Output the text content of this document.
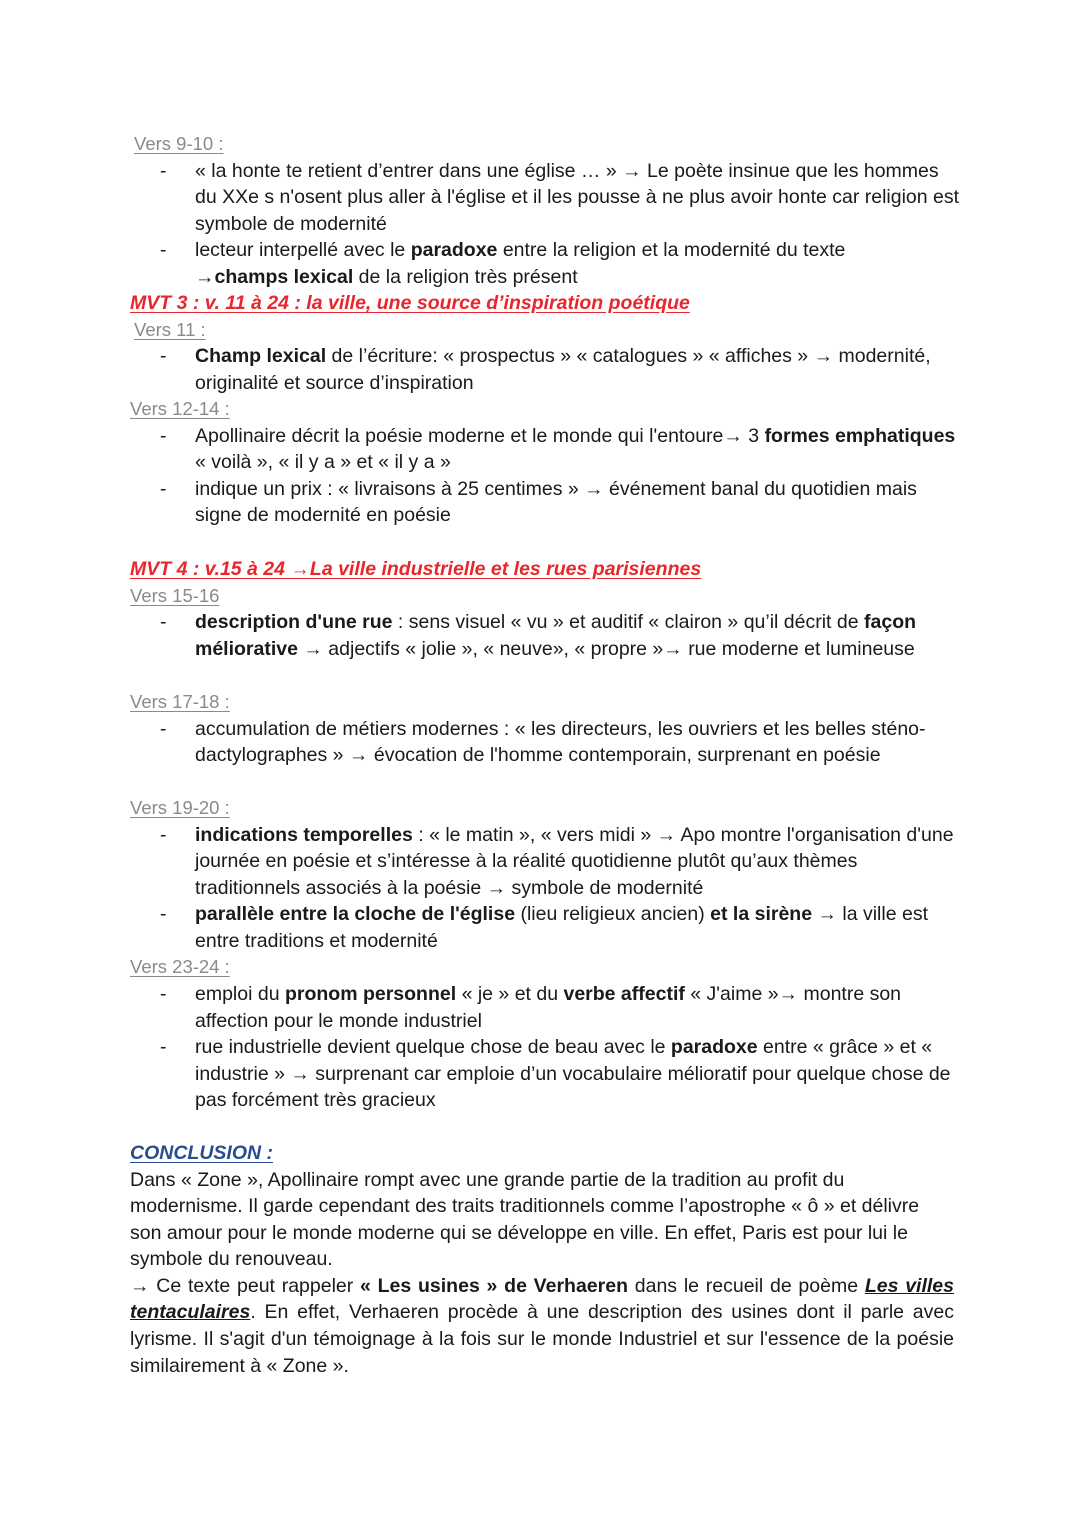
Vers 9-10 :
- « la honte te retient d’entrer dans une église … » → Le poète insinue que les hommes du XXe s n'osent plus aller à l'église et il les pousse à ne plus avoir honte car religion est symbole de modernité
- lecteur interpellé avec le paradoxe entre la religion et la modernité du texte
→champs lexical de la religion très présent
MVT 3 : v. 11 à 24 : la ville, une source d’inspiration poétique
Vers 11 :
- Champ lexical de l’écriture: « prospectus » « catalogues » « affiches » → modernité, originalité et source d’inspiration
Vers 12-14 :
- Apollinaire décrit la poésie moderne et le monde qui l'entoure→ 3 formes emphatiques « voilà », « il y a » et « il y a »
- indique un prix : « livraisons à 25 centimes » → événement banal du quotidien mais signe de modernité en poésie
MVT 4 : v.15 à 24 →La ville industrielle et les rues parisiennes
Vers 15-16
- description d'une rue : sens visuel « vu » et auditif « clairon » qu’il décrit de façon méliorative → adjectifs « jolie », « neuve», « propre »→ rue moderne et lumineuse
Vers 17-18 :
- accumulation de métiers modernes : « les directeurs, les ouvriers et les belles sténo-dactylographes » → évocation de l'homme contemporain, surprenant en poésie
Vers 19-20 :
- indications temporelles : « le matin », « vers midi » → Apo montre l'organisation d'une journée en poésie et s’intéresse à la réalité quotidienne plutôt qu’aux thèmes traditionnels associés à la poésie → symbole de modernité
- parallèle entre la cloche de l'église (lieu religieux ancien) et la sirène → la ville est entre traditions et modernité
Vers 23-24 :
- emploi du pronom personnel « je » et du verbe affectif « J'aime »→ montre son affection pour le monde industriel
- rue industrielle devient quelque chose de beau avec le paradoxe entre « grâce » et « industrie » → surprenant car emploie d’un vocabulaire mélioratif pour quelque chose de pas forcément très gracieux
CONCLUSION :
Dans « Zone », Apollinaire rompt avec une grande partie de la tradition au profit du modernisme. Il garde cependant des traits traditionnels comme l’apostrophe « ô » et délivre son amour pour le monde moderne qui se développe en ville. En effet, Paris est pour lui le symbole du renouveau.
→ Ce texte peut rappeler « Les usines » de Verhaeren dans le recueil de poème Les villes tentaculaires. En effet, Verhaeren procède à une description des usines dont il parle avec lyrisme. Il s'agit d'un témoignage à la fois sur le monde Industriel et sur l'essence de la poésie similairement à « Zone ».
